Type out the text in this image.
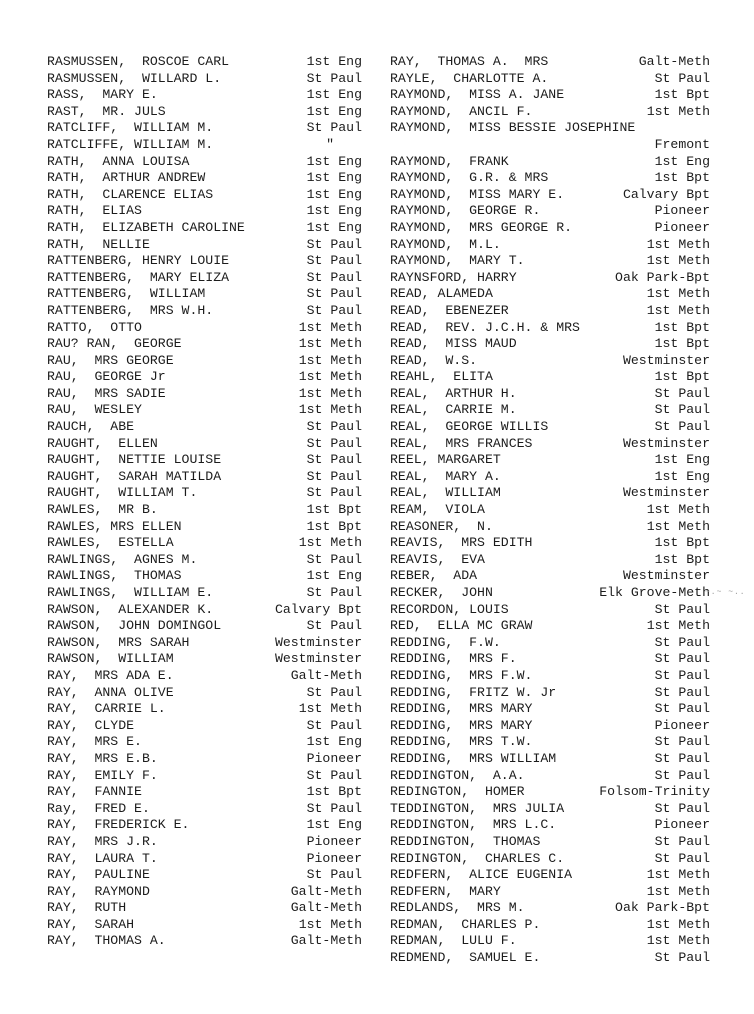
RASMUSSEN,  ROSCOE CARL	1st Eng
RASMUSSEN,  WILLARD L.	St Paul
RASS,  MARY E.	1st Eng
RAST,  MR. JULS	1st Eng
RATCLIFF,  WILLIAM M.	St Paul
RATCLIFFE, WILLIAM M.	"
RATH,  ANNA LOUISA	1st Eng
RATH,  ARTHUR ANDREW	1st Eng
RATH,  CLARENCE ELIAS	1st Eng
RATH,  ELIAS	1st Eng
RATH,  ELIZABETH CAROLINE	1st Eng
RATH,  NELLIE	St Paul
RATTENBERG, HENRY LOUIE	St Paul
RATTENBERG,  MARY ELIZA	St Paul
RATTENBERG,  WILLIAM	St Paul
RATTENBERG,  MRS W.H.	St Paul
RATTO,  OTTO	1st Meth
RAU? RAN,  GEORGE	1st Meth
RAU,  MRS GEORGE	1st Meth
RAU,  GEORGE Jr	1st Meth
RAU,  MRS SADIE	1st Meth
RAU,  WESLEY	1st Meth
RAUCH,  ABE	St Paul
RAUGHT,  ELLEN	St Paul
RAUGHT,  NETTIE LOUISE	St Paul
RAUGHT,  SARAH MATILDA	St Paul
RAUGHT,  WILLIAM T.	St Paul
RAWLES,  MR B.	1st Bpt
RAWLES, MRS ELLEN	1st Bpt
RAWLES,  ESTELLA	1st Meth
RAWLINGS,  AGNES M.	St Paul
RAWLINGS,  THOMAS	1st Eng
RAWLINGS,  WILLIAM E.	St Paul
RAWSON,  ALEXANDER K.	Calvary Bpt
RAWSON,  JOHN DOMINGOL	St Paul
RAWSON,  MRS SARAH	Westminster
RAWSON,  WILLIAM	Westminster
RAY,  MRS ADA E.	Galt-Meth
RAY,  ANNA OLIVE	St Paul
RAY,  CARRIE L.	1st Meth
RAY,  CLYDE	St Paul
RAY,  MRS E.	1st Eng
RAY,  MRS E.B.	Pioneer
RAY,  EMILY F.	St Paul
RAY,  FANNIE	1st Bpt
Ray,  FRED E.	St Paul
RAY,  FREDERICK E.	1st Eng
RAY,  MRS J.R.	Pioneer
RAY,  LAURA T.	Pioneer
RAY,  PAULINE	St Paul
RAY,  RAYMOND	Galt-Meth
RAY,  RUTH	Galt-Meth
RAY,  SARAH	1st Meth
RAY,  THOMAS A.	Galt-Meth
RAY,  THOMAS A.  MRS	Galt-Meth
RAYLE,  CHARLOTTE A.	St Paul
RAYMOND,  MISS A. JANE	1st Bpt
RAYMOND,  ANCIL F.	1st Meth
RAYMOND,  MISS BESSIE JOSEPHINE
Fremont
RAYMOND,  FRANK	1st Eng
RAYMOND,  G.R. & MRS	1st Bpt
RAYMOND,  MISS MARY E.	Calvary Bpt
RAYMOND,  GEORGE R.	Pioneer
RAYMOND,  MRS GEORGE R.	Pioneer
RAYMOND,  M.L.	1st Meth
RAYMOND,  MARY T.	1st Meth
RAYNSFORD, HARRY	Oak Park-Bpt
READ, ALAMEDA	1st Meth
READ,  EBENEZER	1st Meth
READ,  REV. J.C.H. & MRS	1st Bpt
READ,  MISS MAUD	1st Bpt
READ,  W.S.	Westminster
REAHL,  ELITA	1st Bpt
REAL,  ARTHUR H.	St Paul
REAL,  CARRIE M.	St Paul
REAL,  GEORGE WILLIS	St Paul
REAL,  MRS FRANCES	Westminster
REEL, MARGARET	1st Eng
REAL,  MARY A.	1st Eng
REAL,  WILLIAM	Westminster
REAM,  VIOLA	1st Meth
REASONER,  N.	1st Meth
REAVIS,  MRS EDITH	1st Bpt
REAVIS,  EVA	1st Bpt
REBER,  ADA	Westminster
RECKER,  JOHN	Elk Grove-Meth
RECORDON, LOUIS	St Paul
RED,  ELLA MC GRAW	1st Meth
REDDING,  F.W.	St Paul
REDDING,  MRS F.	St Paul
REDDING,  MRS F.W.	St Paul
REDDING,  FRITZ W. Jr	St Paul
REDDING,  MRS MARY	St Paul
REDDING,  MRS MARY	Pioneer
REDDING,  MRS T.W.	St Paul
REDDING,  MRS WILLIAM	St Paul
REDDINGTON,  A.A.	St Paul
REDINGTON,  HOMER	Folsom-Trinity
TEDDINGTON,  MRS JULIA	St Paul
REDDINGTON,  MRS L.C.	Pioneer
REDDINGTON,  THOMAS	St Paul
REDINGTON,  CHARLES C.	St Paul
REDFERN,  ALICE EUGENIA	1st Meth
REDFERN,  MARY	1st Meth
REDLANDS,  MRS M.	Oak Park-Bpt
REDMAN,  CHARLES P.	1st Meth
REDMAN,  LULU F.	1st Meth
REDMEND,  SAMUEL E.	St Paul
~.~ ~..
